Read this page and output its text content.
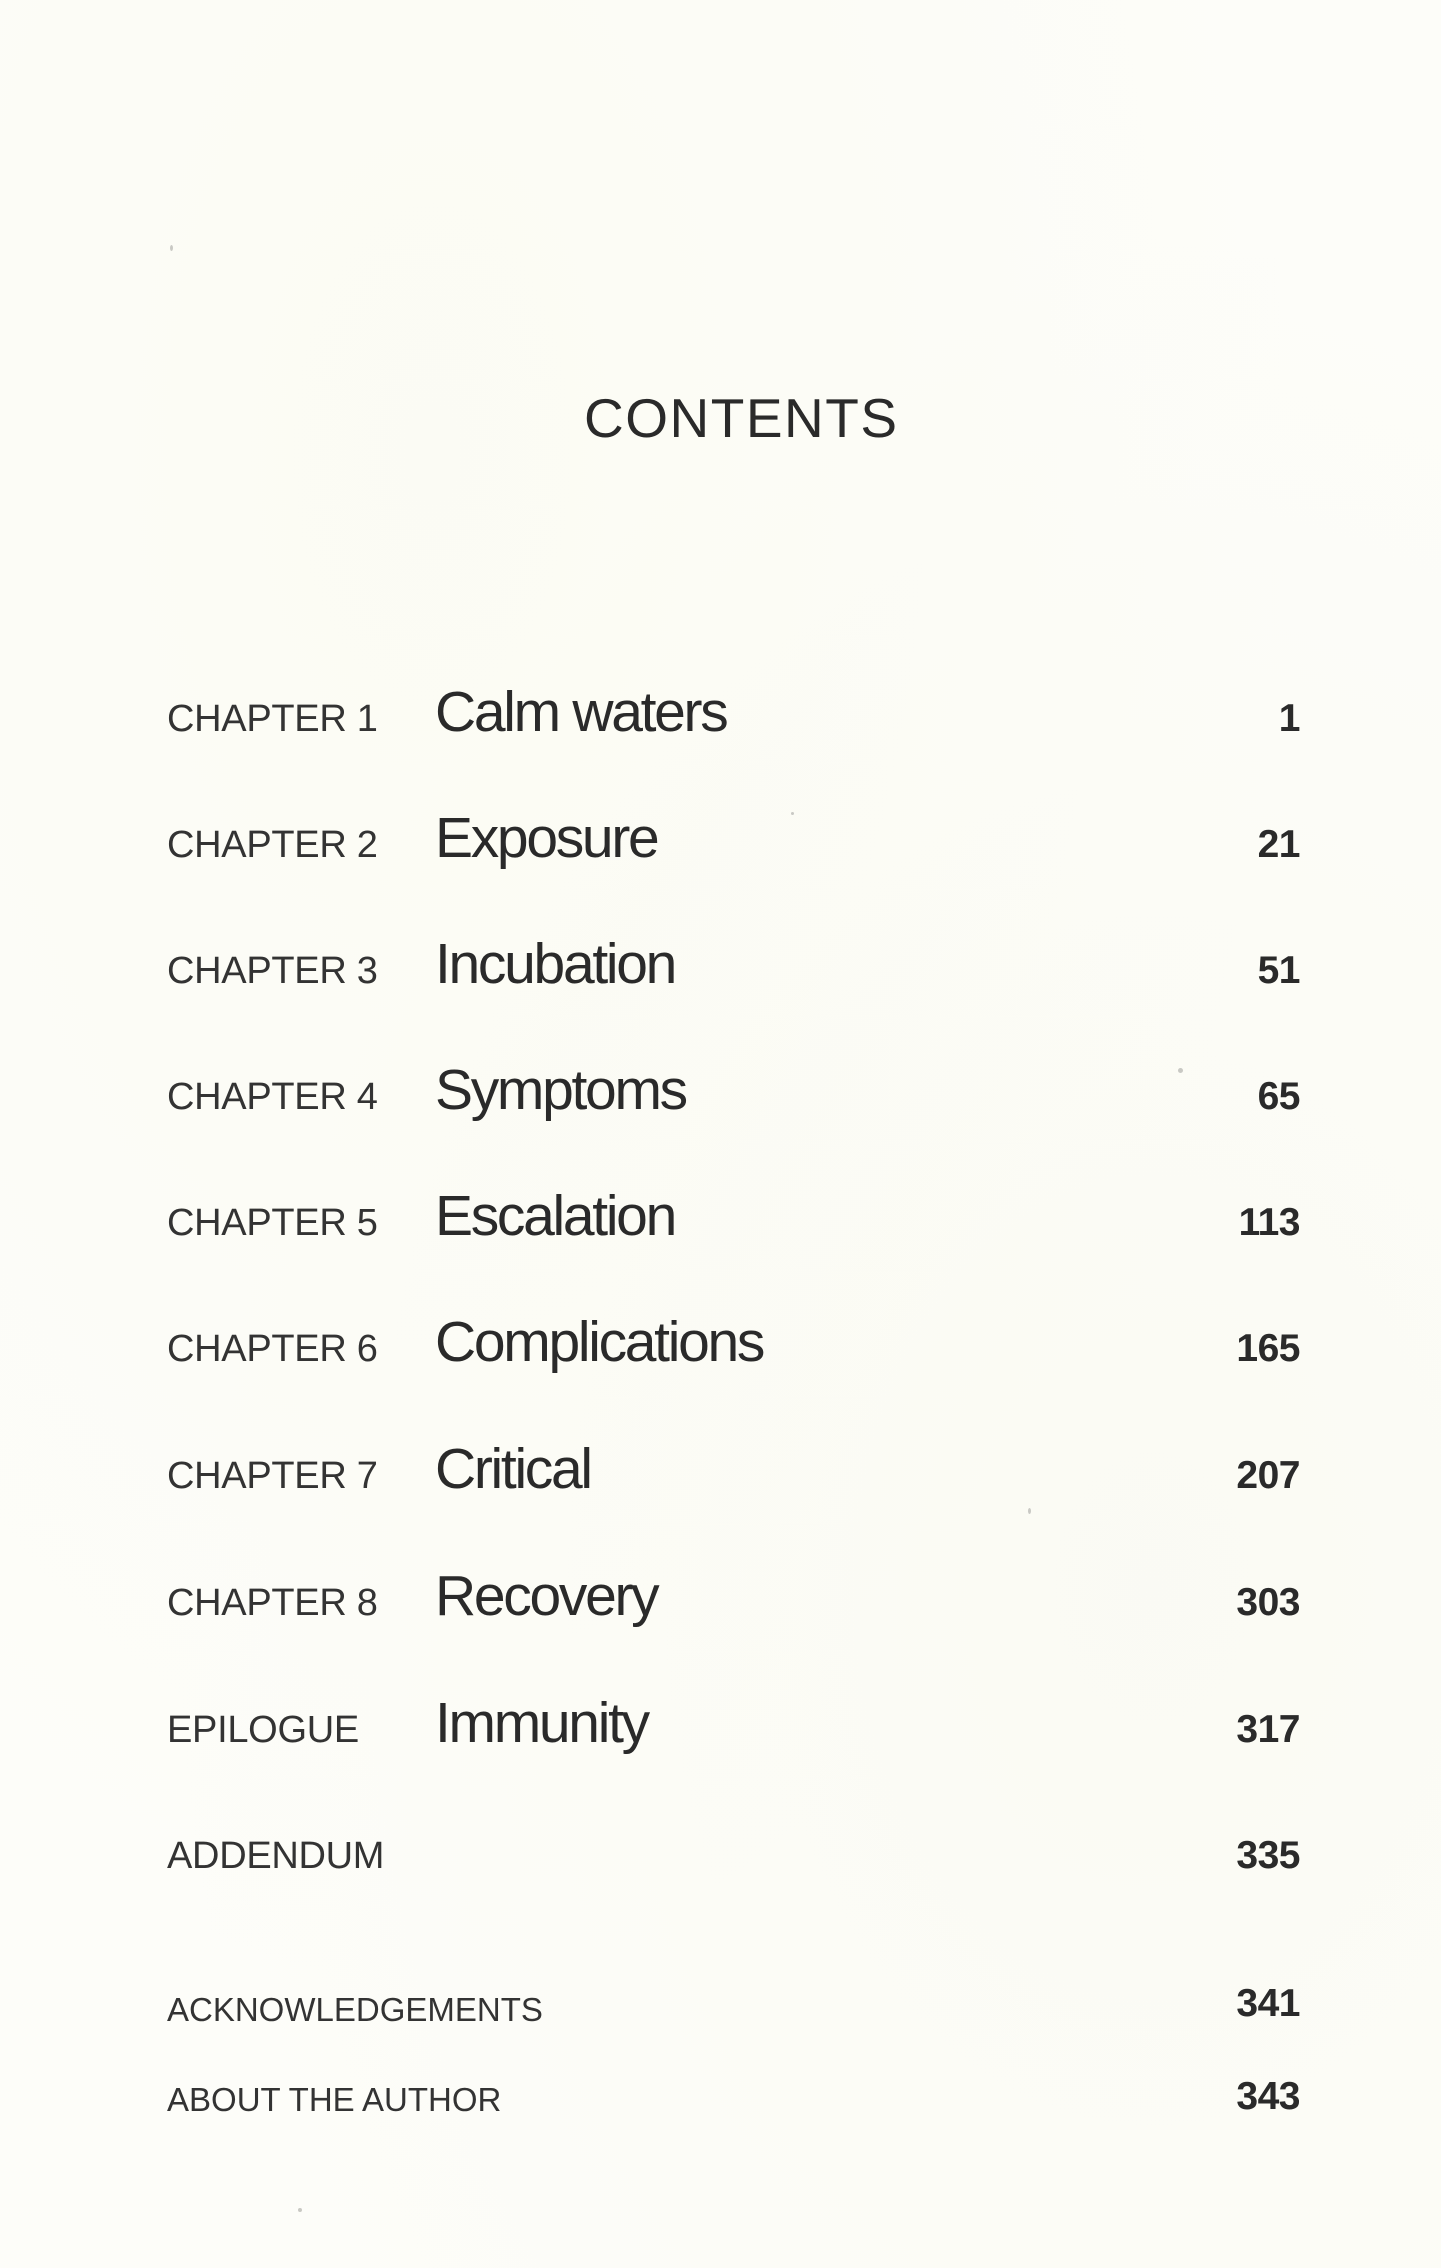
CONTENTS
CHAPTER 1 Calm waters	1
CHAPTER 2 Exposure	21
CHAPTER 3 Incubation	51
CHAPTER 4 Symptoms	65
CHAPTER 5 Escalation	113
CHAPTER 6 Complications	165
CHAPTER 7 Critical	207
CHAPTER 8 Recovery	303
EPILOGUE Immunity	317
ADDENDUM	335
ACKNOWLEDGEMENTS	341
ABOUT THE AUTHOR	343
